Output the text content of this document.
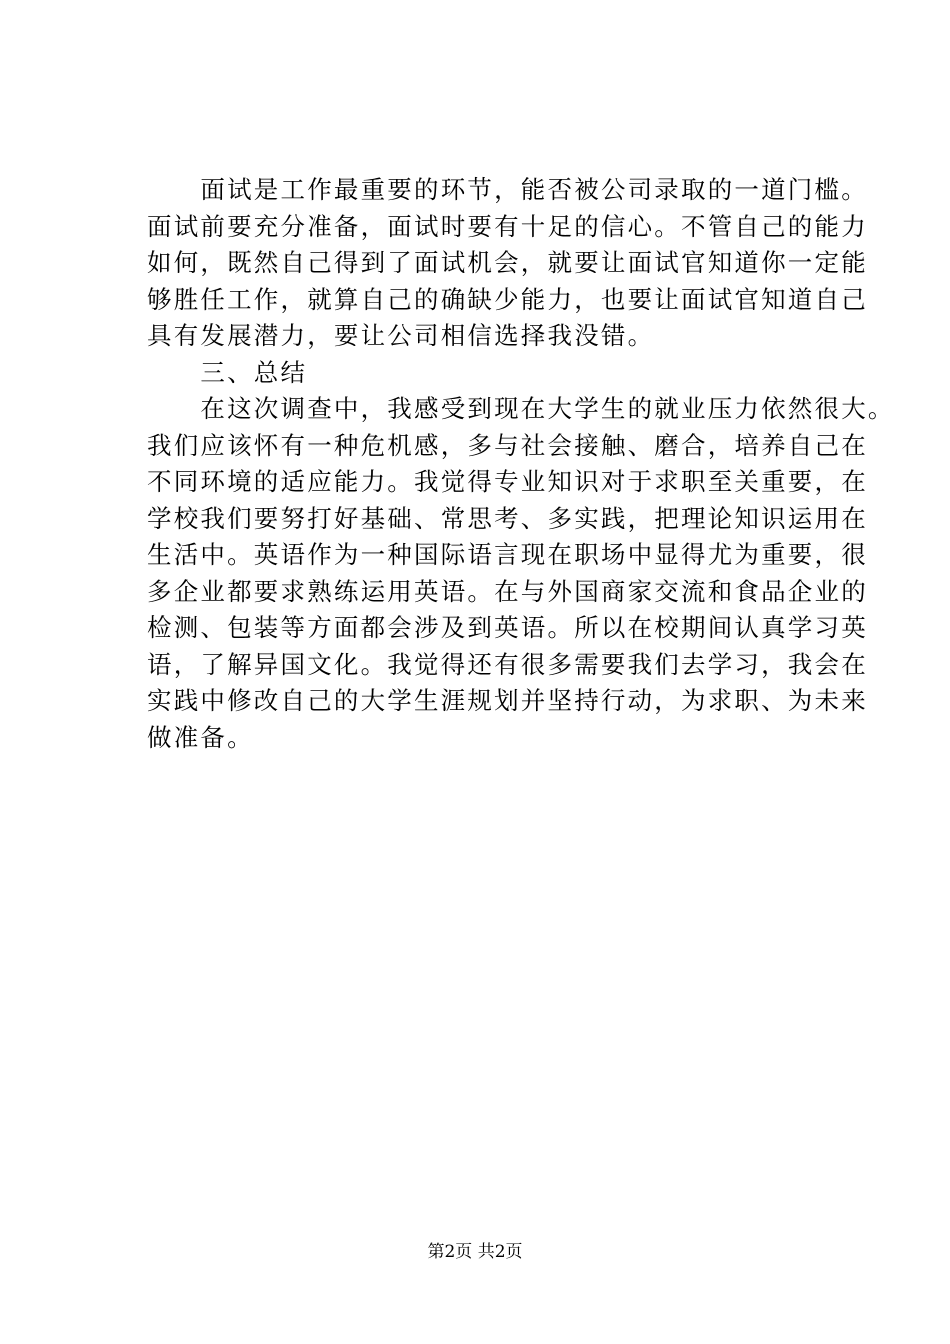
　　面试是工作最重要的环节，能否被公司录取的一道门槛。
面试前要充分准备，面试时要有十足的信心。不管自己的能力
如何，既然自己得到了面试机会，就要让面试官知道你一定能
够胜任工作，就算自己的确缺少能力，也要让面试官知道自己
具有发展潜力，要让公司相信选择我没错。
　　三、总结
　　在这次调查中，我感受到现在大学生的就业压力依然很大。
我们应该怀有一种危机感，多与社会接触、磨合，培养自己在
不同环境的适应能力。我觉得专业知识对于求职至关重要，在
学校我们要努打好基础、常思考、多实践，把理论知识运用在
生活中。英语作为一种国际语言现在职场中显得尤为重要，很
多企业都要求熟练运用英语。在与外国商家交流和食品企业的
检测、包装等方面都会涉及到英语。所以在校期间认真学习英
语，了解异国文化。我觉得还有很多需要我们去学习，我会在
实践中修改自己的大学生涯规划并坚持行动，为求职、为未来
做准备。
第2页 共2页
